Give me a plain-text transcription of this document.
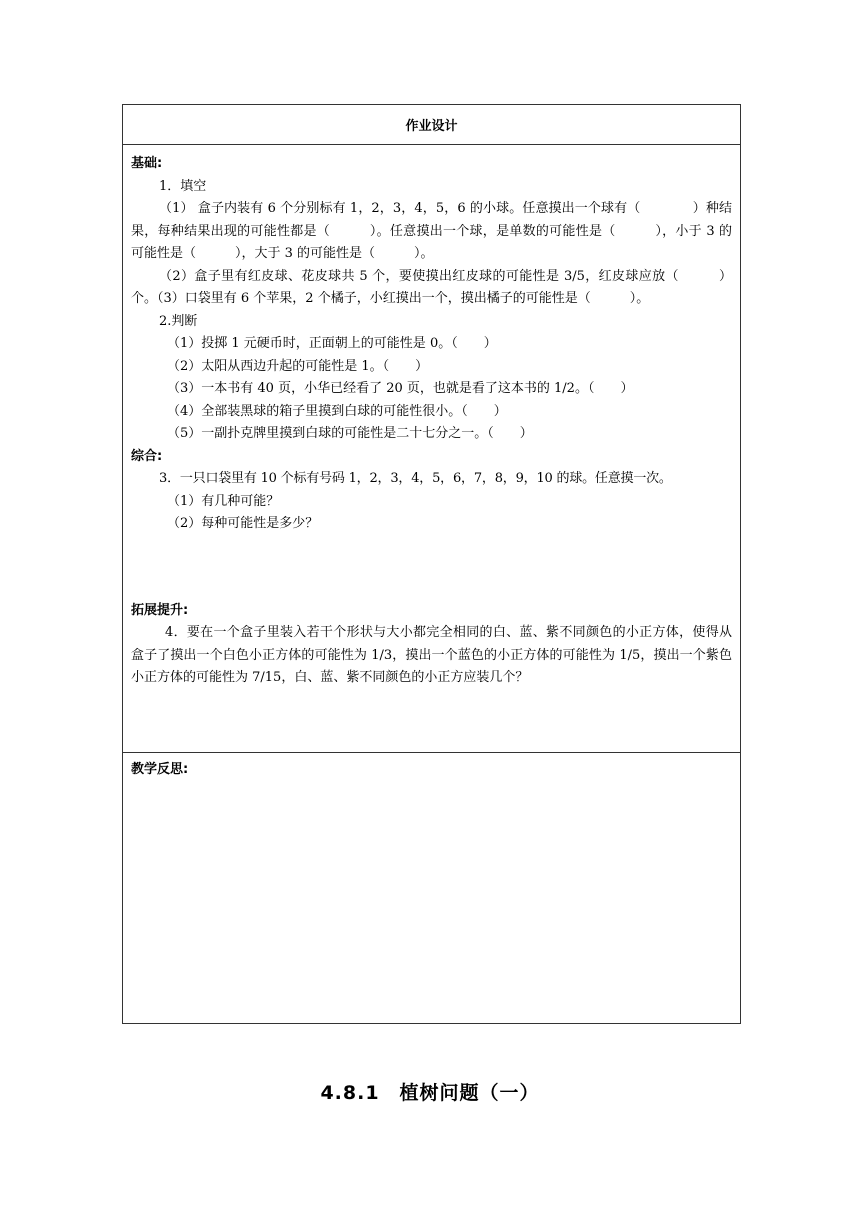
作业设计
基础:
1．填空
（1） 盒子内装有 6 个分别标有 1，2，3，4，5，6 的小球。任意摸出一个球有（　　　　）种结果，每种结果出现的可能性都是（　　　）。任意摸出一个球，是单数的可能性是（　　　），小于 3 的可能性是（　　　），大于 3 的可能性是（　　　）。
（2）盒子里有红皮球、花皮球共 5 个，要使摸出红皮球的可能性是 3/5，红皮球应放（　　　）个。（3）口袋里有 6 个苹果，2 个橘子，小红摸出一个，摸出橘子的可能性是（　　　）。
2.判断
（1）投掷 1 元硬币时，正面朝上的可能性是 0。（　　）
（2）太阳从西边升起的可能性是 1。（　　）
（3）一本书有 40 页，小华已经看了 20 页，也就是看了这本书的 1/2。（　　）
（4）全部装黑球的箱子里摸到白球的可能性很小。（　　）
（5）一副扑克牌里摸到白球的可能性是二十七分之一。（　　）
综合:
3．一只口袋里有 10 个标有号码 1，2，3，4，5，6，7，8，9，10 的球。任意摸一次。
（1）有几种可能？
（2）每种可能性是多少？
拓展提升:
4．要在一个盒子里装入若干个形状与大小都完全相同的白、蓝、紫不同颜色的小正方体，使得从盒子了摸出一个白色小正方体的可能性为 1/3，摸出一个蓝色的小正方体的可能性为 1/5，摸出一个紫色小正方体的可能性为 7/15，白、蓝、紫不同颜色的小正方应装几个？
教学反思:
4.8.1　植树问题（一）
